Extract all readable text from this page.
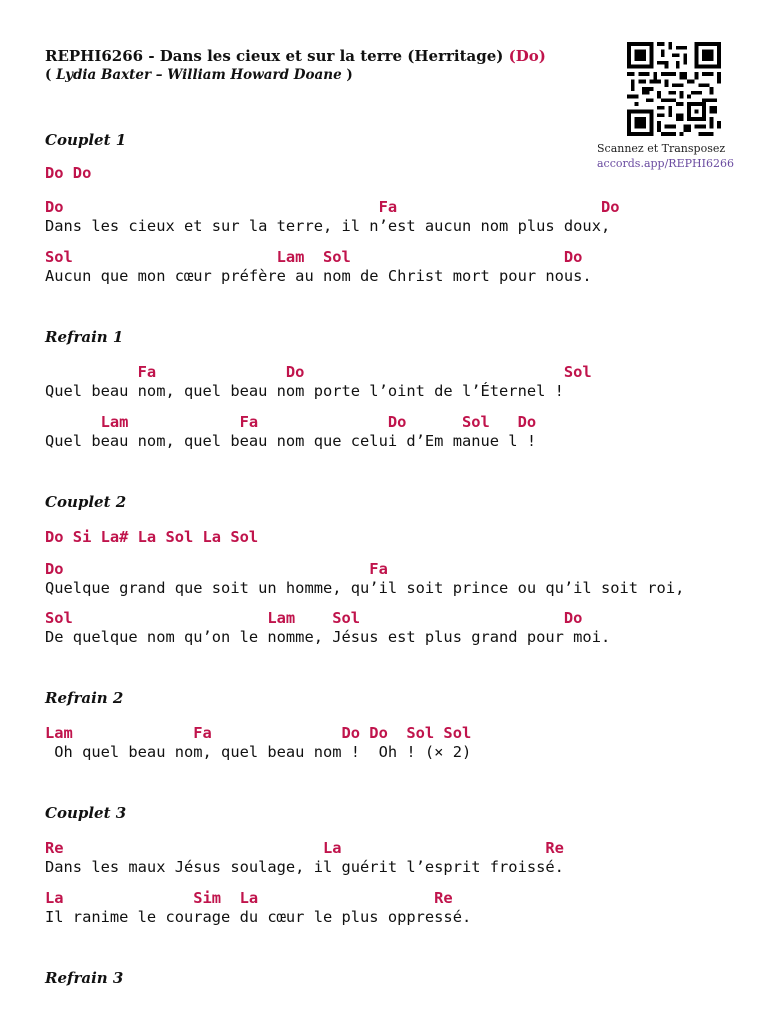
REPHI6266 - Dans les cieux et sur la terre (Herritage) (Do)
( Lydia Baxter – William Howard Doane )
Scannez et Transposez
accords.app/REPHI6266
Couplet 1
Do Do
Do                                  Fa                      Do
Dans les cieux et sur la terre, il n’est aucun nom plus doux,
Sol                      Lam  Sol                       Do
Aucun que mon cœur préfère au nom de Christ mort pour nous.
Refrain 1
Fa              Do                            Sol
Quel beau nom, quel beau nom porte l’oint de l’Éternel !
Lam            Fa              Do      Sol   Do
Quel beau nom, quel beau nom que celui d’Em manue l !
Couplet 2
Do Si La# La Sol La Sol
Do                                 Fa
Quelque grand que soit un homme, qu’il soit prince ou qu’il soit roi,
Sol                     Lam    Sol                      Do
De quelque nom qu’on le nomme, Jésus est plus grand pour moi.
Refrain 2
Lam             Fa              Do Do  Sol Sol
Oh quel beau nom, quel beau nom !  Oh ! (× 2)
Couplet 3
Re                            La                      Re
Dans les maux Jésus soulage, il guérit l’esprit froissé.
La              Sim  La                   Re
Il ranime le courage du cœur le plus oppressé.
Refrain 3
